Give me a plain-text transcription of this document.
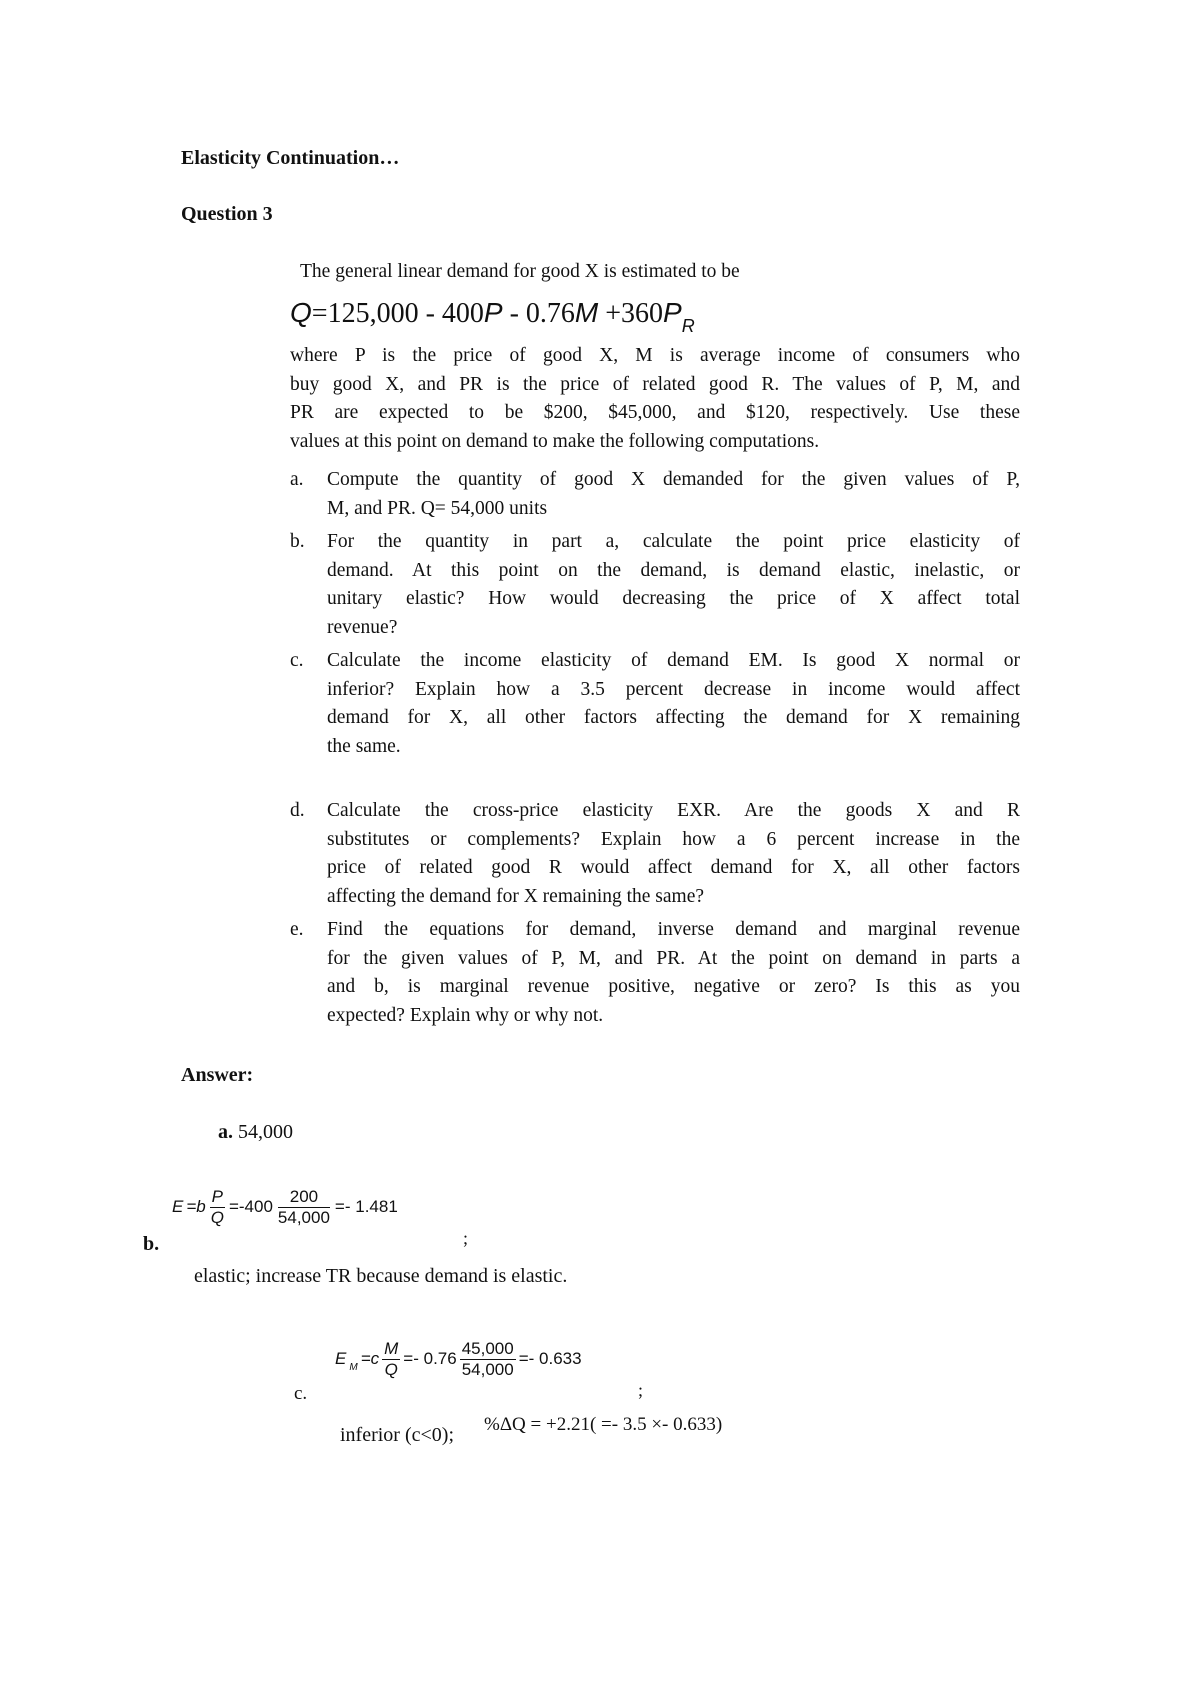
Elasticity Continuation…
Question 3
The general linear demand for good X is estimated to be
$Q=125,000 - 400P - 0.76M +360P_R$
where P is the price of good X, M is average income of consumers who
buy good X, and PR is the price of related good R. The values of P, M, and
PR are expected to be $200, $45,000, and $120, respectively. Use these
values at this point on demand to make the following computations.
a. Compute the quantity of good X demanded for the given values of P,
M, and PR. Q= 54,000 units
b. For the quantity in part a, calculate the point price elasticity of
demand. At this point on the demand, is demand elastic, inelastic, or
unitary elastic? How would decreasing the price of X affect total
revenue?
c. Calculate the income elasticity of demand EM. Is good X normal or
inferior? Explain how a 3.5 percent decrease in income would affect
demand for X, all other factors affecting the demand for X remaining
the same.
d. Calculate the cross-price elasticity EXR. Are the goods X and R
substitutes or complements? Explain how a 6 percent increase in the
price of related good R would affect demand for X, all other factors
affecting the demand for X remaining the same?
e. Find the equations for demand, inverse demand and marginal revenue
for the given values of P, M, and PR. At the point on demand in parts a
and b, is marginal revenue positive, negative or zero? Is this as you
expected? Explain why or why not.
Answer:
a. 54,000
b.
$E =b \frac{P}{Q} =-400 \frac{200}{54,000} =- 1.481$
;
elastic; increase TR because demand is elastic.
c.
E $_M =c \frac{M}{Q} =- 0.76 \frac{45,000}{54,000} =- 0.633$
;
inferior (c<0); %ΔQ = +2.21( =- 3.5 ×- 0.633)
